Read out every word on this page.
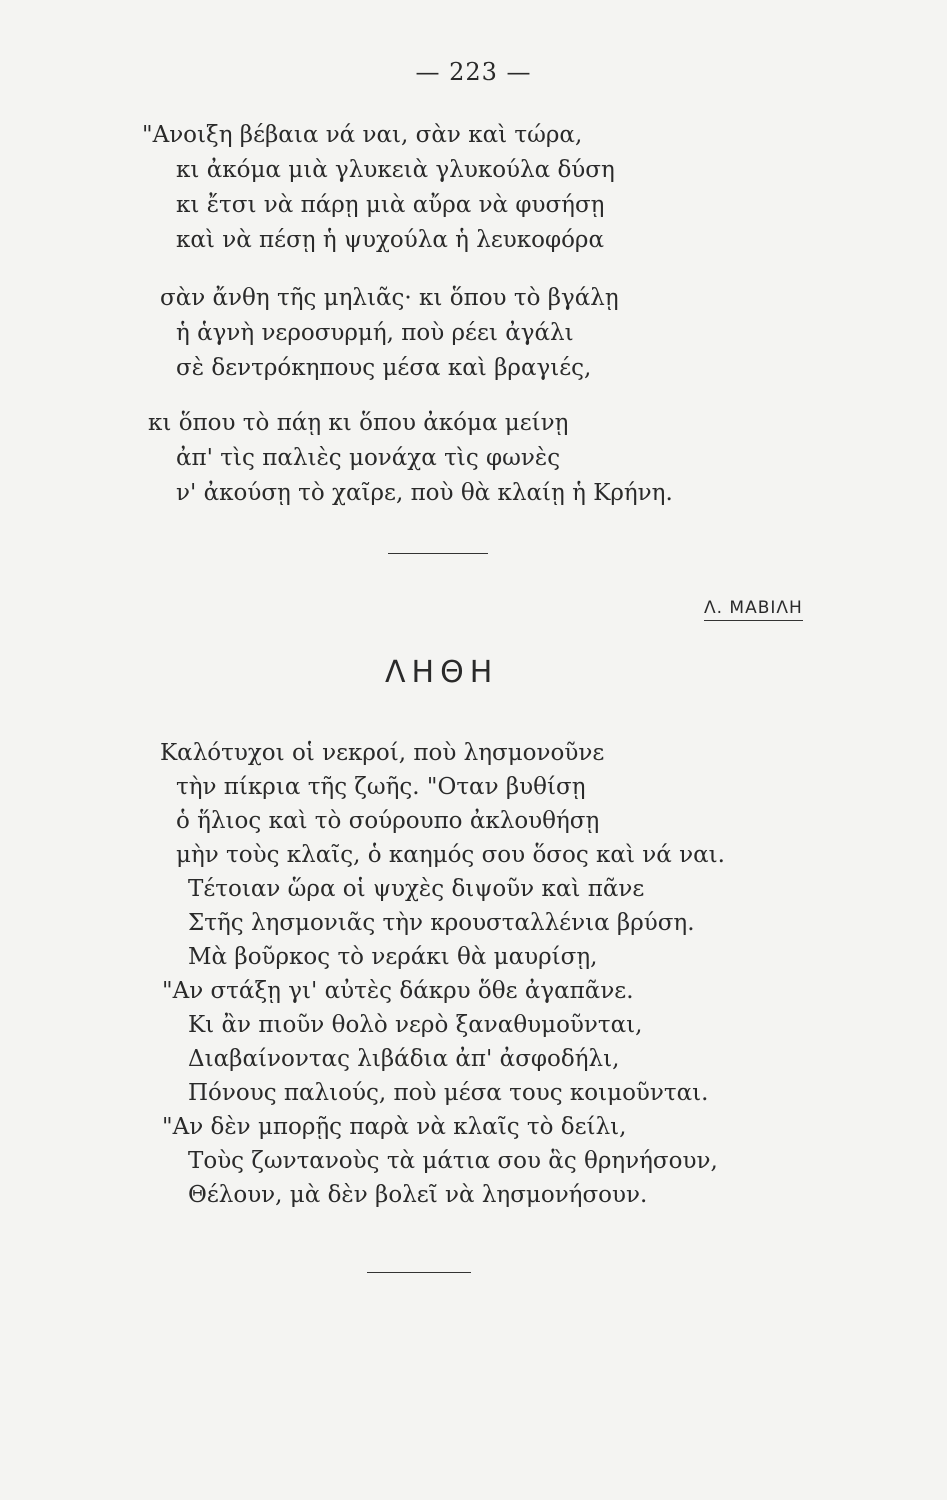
— 223 —
"Ανοιξη βέβαια νά ναι, σὰν καὶ τώρα,
κι ἀκόμα μιὰ γλυκειὰ γλυκούλα δύση
κι ἔτσι νὰ πάρῃ μιὰ αὔρα νὰ φυσήσῃ
καὶ νὰ πέσῃ ἡ ψυχούλα ἡ λευκοφόρα
σὰν ἄνθη τῆς μηλιᾶς· κι ὅπου τὸ βγάλῃ
ἡ ἁγνὴ νεροσυρμή, ποὺ ρέει ἀγάλι
σὲ δεντρόκηπους μέσα καὶ βραγιές,
κι ὅπου τὸ πάῃ κι ὅπου ἀκόμα μείνῃ
ἀπ' τὶς παλιὲς μονάχα τὶς φωνὲς
ν' ἀκούσῃ τὸ χαῖρε, ποὺ θὰ κλαίῃ ἡ Κρήνη.
Λ. ΜΑΒΙΛΗ
ΛΗΘΗ
Καλότυχοι οἱ νεκροί, ποὺ λησμονοῦνε
τὴν πίκρια τῆς ζωῆς. "Οταν βυθίσῃ
ὁ ἥλιος καὶ τὸ σούρουπο ἀκλουθήσῃ
μὴν τοὺς κλαῖς, ὁ καημός σου ὅσος καὶ νά ναι.
Τέτοιαν ὥρα οἱ ψυχὲς διψοῦν καὶ πᾶνε
Στῆς λησμονιᾶς τὴν κρουσταλλένια βρύση.
Μὰ βοῦρκος τὸ νεράκι θὰ μαυρίσῃ,
"Αν στάξῃ γι' αὐτὲς δάκρυ ὅθε ἀγαπᾶνε.
Κι ἂν πιοῦν θολὸ νερὸ ξαναθυμοῦνται,
Διαβαίνοντας λιβάδια ἀπ' ἀσφοδήλι,
Πόνους παλιούς, ποὺ μέσα τους κοιμοῦνται.
"Αν δὲν μπορῇς παρὰ νὰ κλαῖς τὸ δείλι,
Τοὺς ζωντανοὺς τὰ μάτια σου ἃς θρηνήσουν,
Θέλουν, μὰ δὲν βολεῖ νὰ λησμονήσουν.
